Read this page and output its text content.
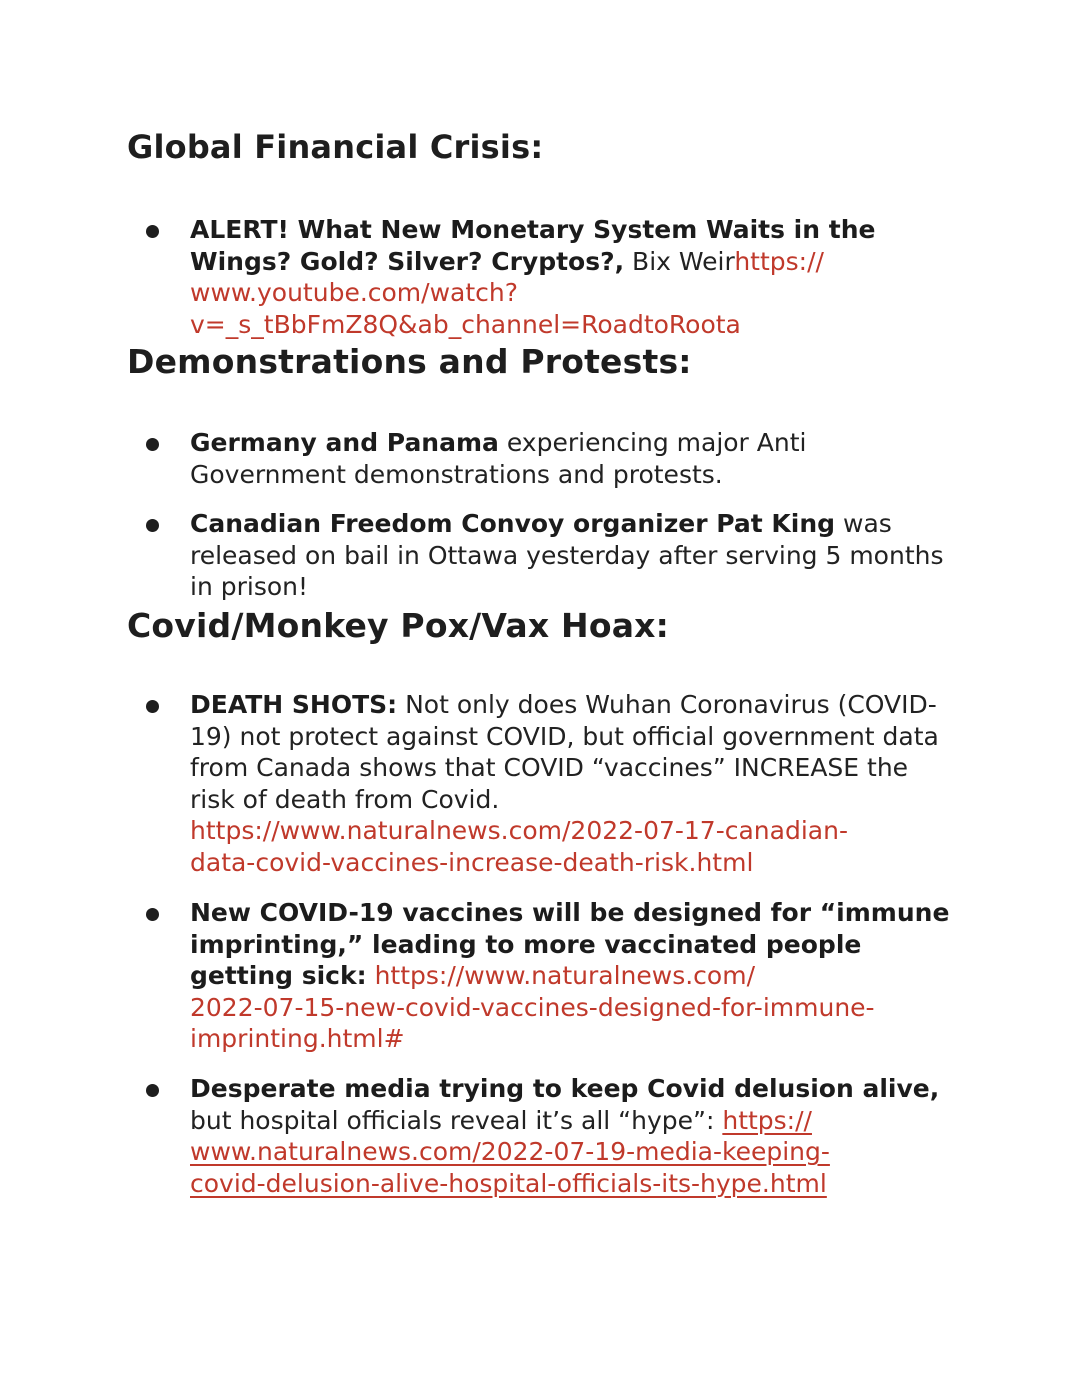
Global Financial Crisis:
ALERT! What New Monetary System Waits in the Wings? Gold? Silver? Cryptos?, Bix Weirhttps://
www.youtube.com/watch?
v=_s_tBbFmZ8Q&ab_channel=RoadtoRoota
Demonstrations and Protests:
Germany and Panama experiencing major Anti Government demonstrations and protests.
Canadian Freedom Convoy organizer Pat King was released on bail in Ottawa yesterday after serving 5 months in prison!
Covid/Monkey Pox/Vax Hoax:
DEATH SHOTS: Not only does Wuhan Coronavirus (COVID-19) not protect against COVID, but official government data from Canada shows that COVID “vaccines” INCREASE the risk of death from Covid.
https://www.naturalnews.com/2022-07-17-canadian-
data-covid-vaccines-increase-death-risk.html
New COVID-19 vaccines will be designed for “immune imprinting,” leading to more vaccinated people getting sick: https://www.naturalnews.com/
2022-07-15-new-covid-vaccines-designed-for-immune-
imprinting.html#
Desperate media trying to keep Covid delusion alive, but hospital officials reveal it’s all “hype”: https://
www.naturalnews.com/2022-07-19-media-keeping-
covid-delusion-alive-hospital-officials-its-hype.html
